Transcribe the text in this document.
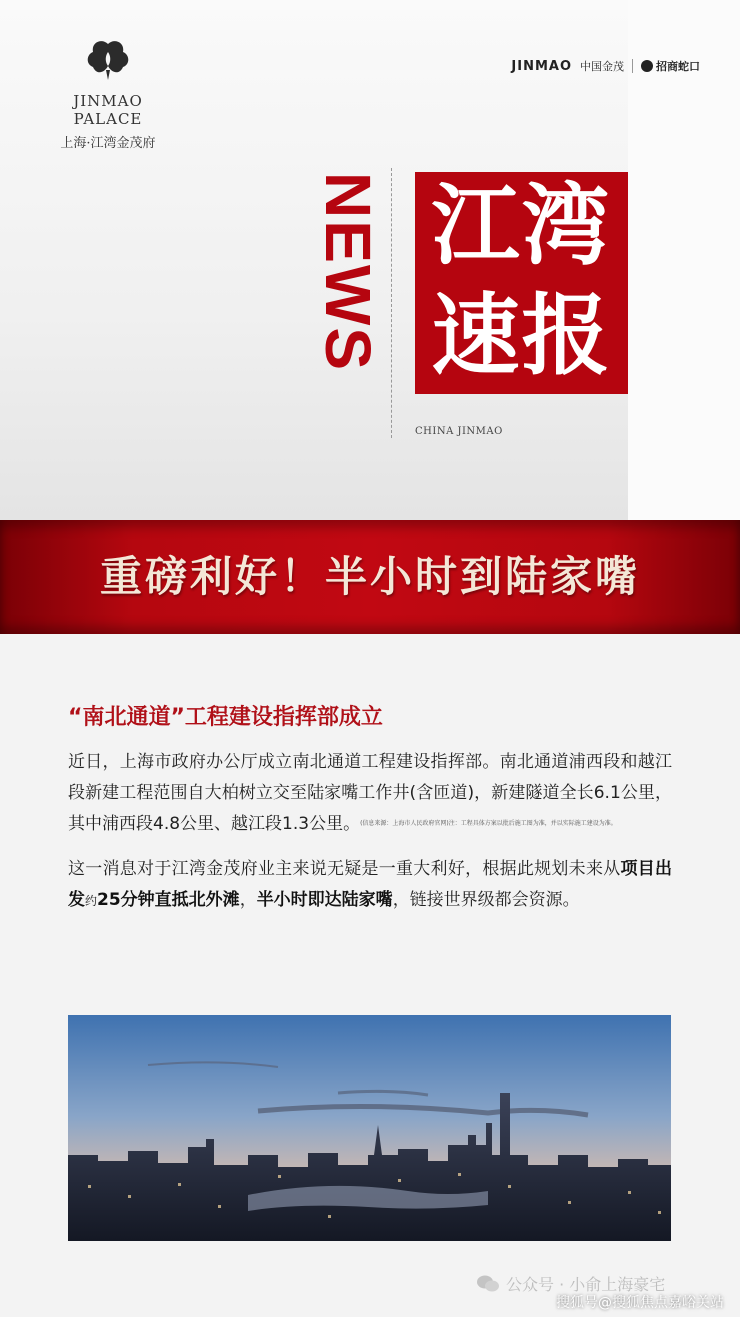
JINMAO PALACE
上海·江湾金茂府
JINMAO 中国金茂	招商蛇口
NEWS 江湾
速报
CHINA JINMAO
重磅利好！半小时到陆家嘴
“南北通道”工程建设指挥部成立

近日，上海市政府办公厅成立南北通道工程建设指挥部。南北通道浦西段和越江段新建工程范围自大柏树立交至陆家嘴工作井(含匝道)，新建隧道全长6.1公里，其中浦西段4.8公里、越江段1.3公里。(信息来源：上海市人民政府官网)注：工程具体方案以批后施工图为准，并以实际施工建设为准。

这一消息对于江湾金茂府业主来说无疑是一重大利好，根据此规划未来从项目出发约25分钟直抵北外滩，半小时即达陆家嘴，链接世界级都会资源。

公众号 · 小俞上海豪宅
搜狐号@搜狐焦点嘉峪关站
